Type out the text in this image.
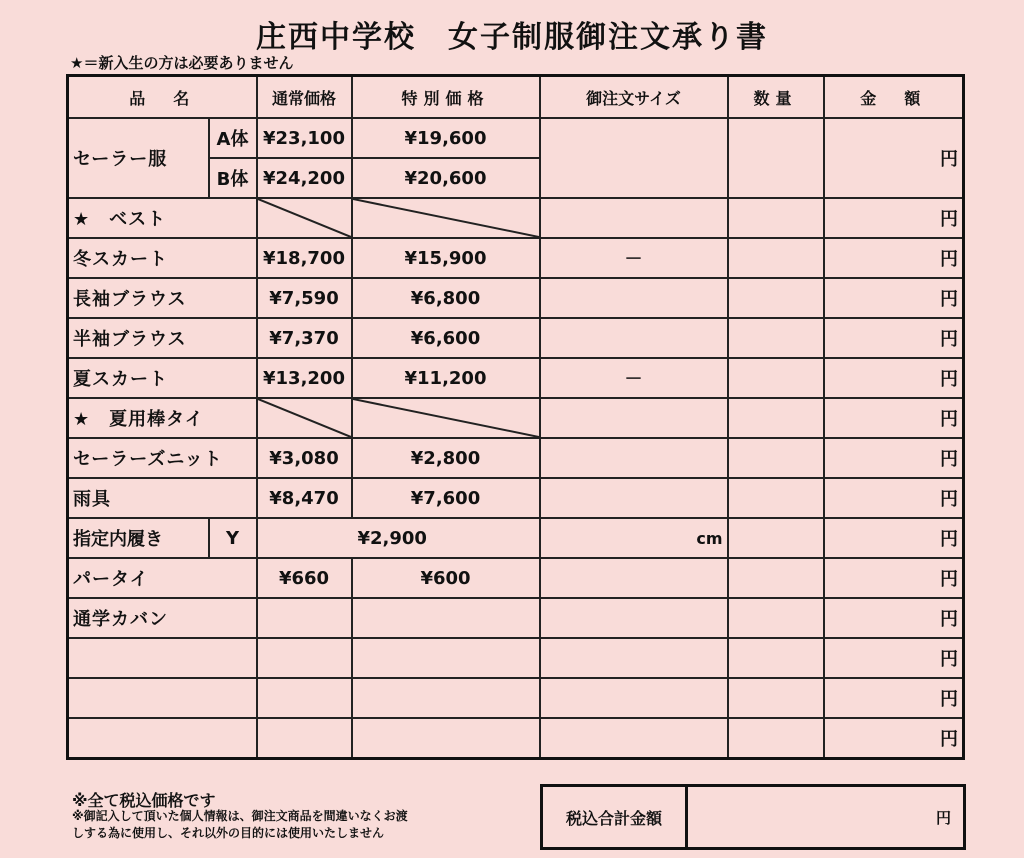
庄西中学校　女子制服御注文承り書
★＝新入生の方は必要ありません
品　名		通常価格	特別価格	御注文サイズ	数量	金　額
セーラー服	A体	¥23,100	¥19,600			円
	B体	¥24,200	¥20,600			
★　ベスト						円
冬スカート		¥18,700	¥15,900	－		円
長袖ブラウス		¥7,590	¥6,800			円
半袖ブラウス		¥7,370	¥6,600			円
夏スカート		¥13,200	¥11,200	－		円
★　夏用棒タイ						円
セーラーズニット		¥3,080	¥2,800			円
雨具		¥8,470	¥7,600			円
指定内履き	Y	¥2,900		cm		円
パータイ		¥660	¥600			円
通学カバン						円
						円
						円
						円
※全て税込価格です
※御記入して頂いた個人情報は、御注文商品を間違いなくお渡
しする為に使用し、それ以外の目的には使用いたしません
税込合計金額	円
